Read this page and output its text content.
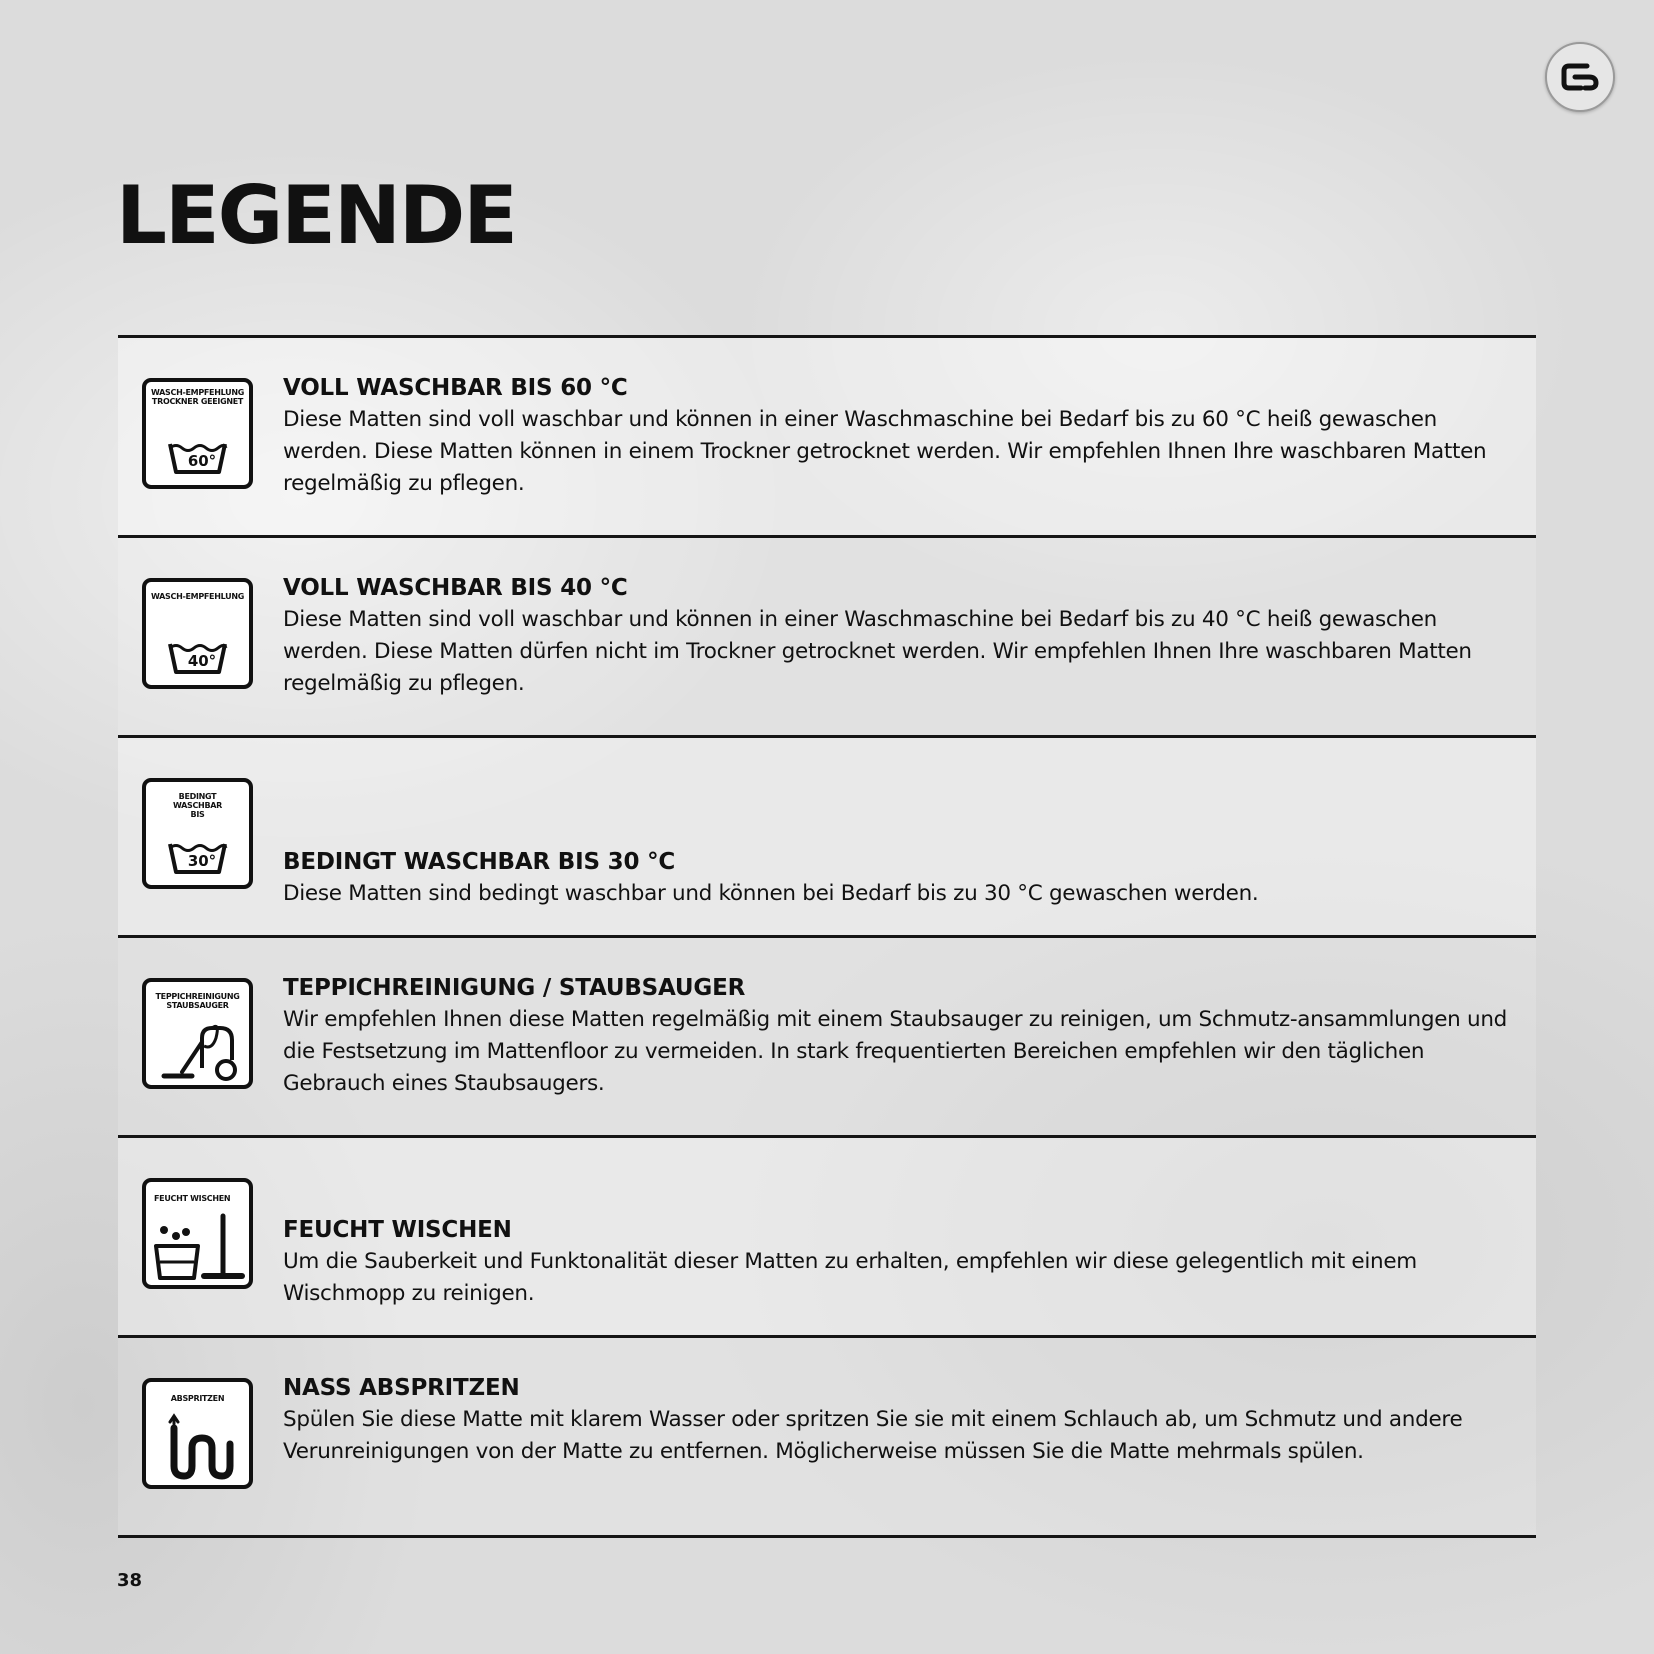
LEGENDE
WASCH-EMPFEHLUNG TROCKNER GEEIGNET
60°
VOLL WASCHBAR BIS 60 °C

Diese Matten sind voll waschbar und können in einer Waschmaschine bei Bedarf bis zu 60 °C heiß gewaschen werden. Diese Matten können in einem Trockner getrocknet werden. Wir empfehlen Ihnen Ihre waschbaren Matten regelmäßig zu pflegen.

WASCH-EMPFEHLUNG
40°
VOLL WASCHBAR BIS 40 °C

Diese Matten sind voll waschbar und können in einer Waschmaschine bei Bedarf bis zu 40 °C heiß gewaschen werden. Diese Matten dürfen nicht im Trockner getrocknet werden. Wir empfehlen Ihnen Ihre waschbaren Matten regelmäßig zu pflegen.

BEDINGT WASCHBAR BIS
30°	BEDINGT WASCHBAR BIS 30 °C

Diese Matten sind bedingt waschbar und können bei Bedarf bis zu 30 °C gewaschen werden.

TEPPICHREINIGUNG STAUBSAUGER
TEPPICHREINIGUNG / STAUBSAUGER

Wir empfehlen Ihnen diese Matten regelmäßig mit einem Staubsauger zu reinigen, um Schmutz-ansammlungen und die Festsetzung im Mattenfloor zu vermeiden. In stark frequentierten Bereichen empfehlen wir den täglichen Gebrauch eines Staubsaugers.

FEUCHT WISCHEN
FEUCHT WISCHEN

Um die Sauberkeit und Funktonalität dieser Matten zu erhalten, empfehlen wir diese gelegentlich mit einem Wischmopp zu reinigen.

ABSPRITZEN	NASS ABSPRITZEN

Spülen Sie diese Matte mit klarem Wasser oder spritzen Sie sie mit einem Schlauch ab, um Schmutz und andere Verunreinigungen von der Matte zu entfernen. Möglicherweise müssen Sie die Matte mehrmals spülen.

38
